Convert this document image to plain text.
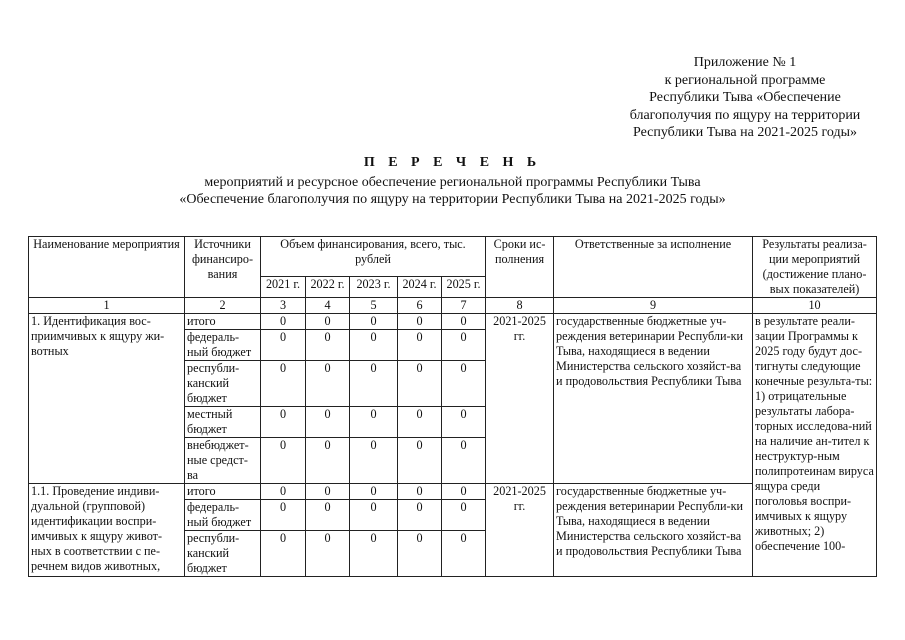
Приложение № 1
к региональной программе
Республики Тыва «Обеспечение
благополучия по ящуру на территории
Республики Тыва на 2021-2025 годы»
П Е Р Е Ч Е Н Ь
мероприятий и ресурсное обеспечение региональной программы Республики Тыва
«Обеспечение благополучия по ящуру на территории Республики Тыва на 2021-2025 годы»
Наименование мероприятия	Источники финансиро-вания	Объем финансирования, всего, тыс. рублей					Сроки ис-полнения	Ответственные за исполнение	Результаты реализа-ции мероприятий (достижение плано-вых показателей)
		2021 г.	2022 г.	2023 г.	2024 г.	2025 г.			
1	2	3	4	5	6	7	8	9	10
1. Идентификация вос-приимчивых к ящуру жи-вотных	итого	0	0	0	0	0	2021-2025 гг.	государственные бюджетные уч-реждения ветеринарии Республи-ки Тыва, находящиеся в ведении Министерства сельского хозяйст-ва и продовольствия Республики Тыва	в результате реали-зации Программы к 2025 году будут дос-тигнуты следующие конечные результа-ты: 1) отрицательные результаты лабора-торных исследова-ний на наличие ан-тител к неструктур-ным полипротеинам вируса ящура среди поголовья воспри-имчивых к ящуру животных; 2) обеспечение 100-
	федераль-ный бюджет	0	0	0	0	0			
	республи-канский бюджет	0	0	0	0	0			
	местный бюджет	0	0	0	0	0			
	внебюджет-ные средст-ва	0	0	0	0	0			
1.1. Проведение индиви-дуальной (групповой) идентификации воспри-имчивых к ящуру живот-ных в соответствии с пе-речнем видов животных,	итого	0	0	0	0	0	2021-2025 гг.	государственные бюджетные уч-реждения ветеринарии Республи-ки Тыва, находящиеся в ведении Министерства сельского хозяйст-ва и продовольствия Республики Тыва	
	федераль-ный бюджет	0	0	0	0	0			
	республи-канский бюджет	0	0	0	0	0			
